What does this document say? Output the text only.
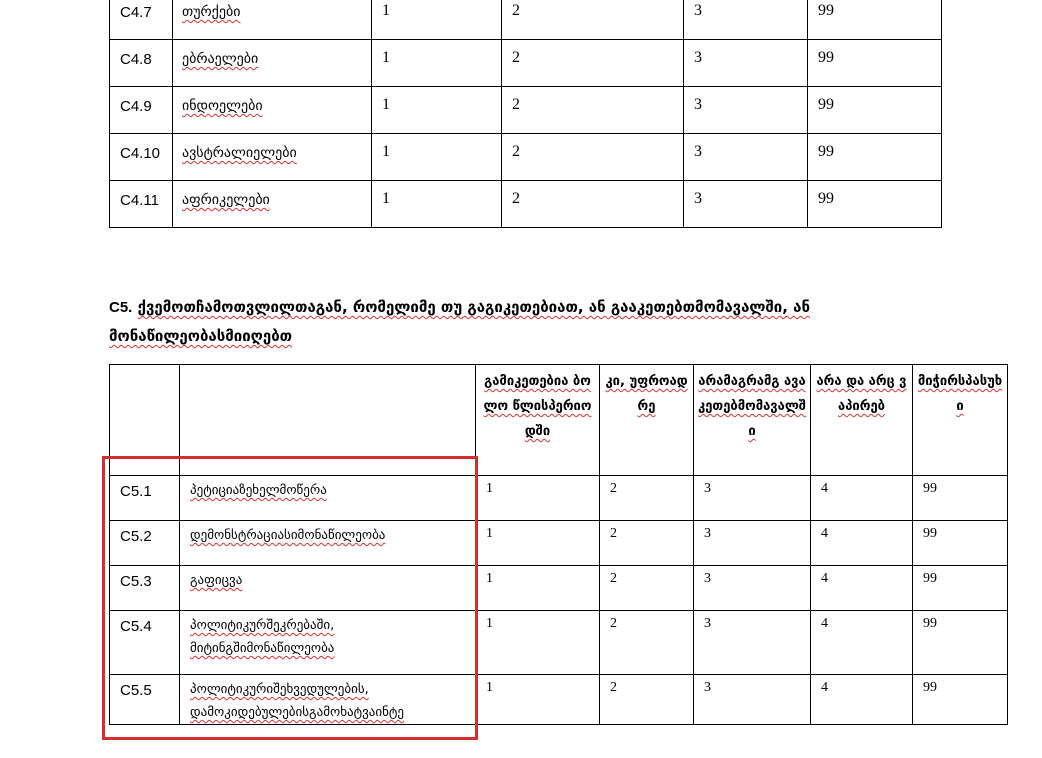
C4.7	თურქები	1	2	3	99

C4.8	ებრაელები	1	2	3	99

C4.9	ინდოელები	1	2	3	99

C4.10	ავსტრალიელები	1	2	3	99

C4.11	აფრიკელები	1	2	3	99
C5. ქვემოთჩამოთვლილთაგან, რომელიმე თუ გაგიკეთებიათ, ან გააკეთებთმომავალში, ან
მონაწილეობასმიიღებთ

		გამიკეთებია ბოლო წლისპერიოდში	კი, უფროადრე	არამაგრამგ ავაკეთებმომავალში	არა და არც ვაპირებ	მიჭირსპასუხი

C5.1	პეტიციაზეხელმოწერა	1	2	3	4	99

C5.2	დემონსტრაციასიმონაწილეობა	1	2	3	4	99

C5.3	გაფიცვა	1	2	3	4	99

C5.4	პოლიტიკურშეკრებაში,
მიტინგშიმონაწილეობა	1	2	3	4	99

C5.5	პოლიტიკურიშეხვედულების,
დამოკიდებულებისგამოხატვაინტე	1	2	3	4	99
